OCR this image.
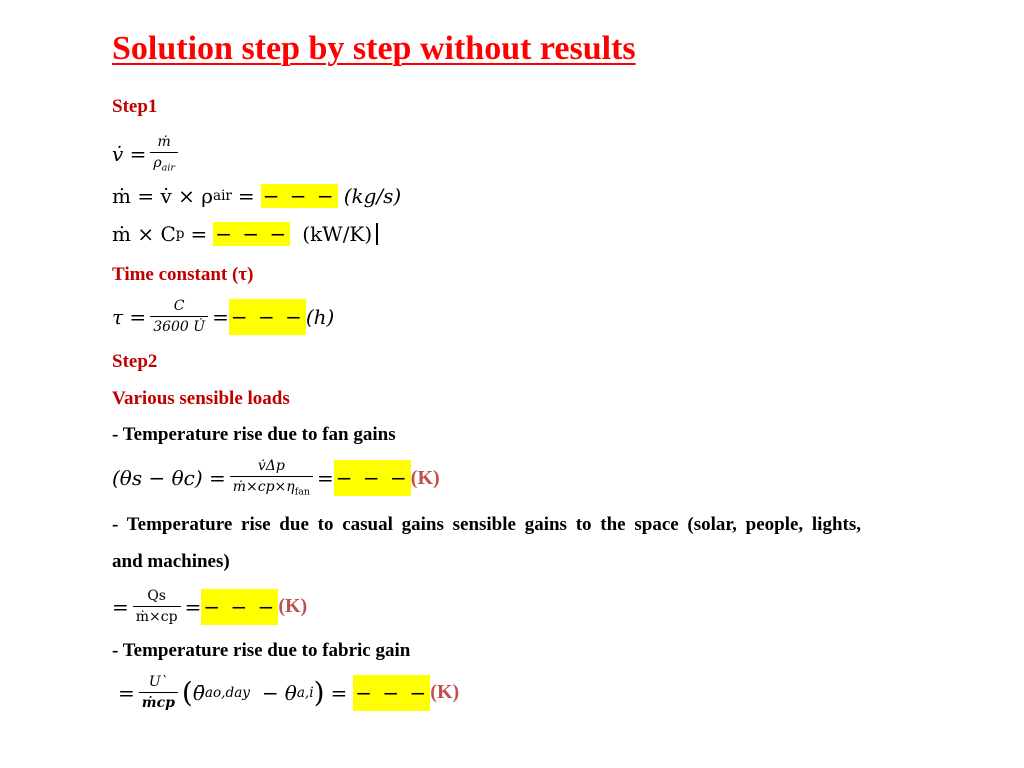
Solution step by step without results
Step1
v̇ = $\frac{\text{ṁ}}{\rho_{air}}$
ṁ = v̇ × ρ air = − − − (kg/s)
ṁ × C p = − − − (kW/K)
Time constant (τ)
$\tau = \frac{C}{3600 U̇}$ = − − − (h)
Step2
Various sensible loads
- Temperature rise due to fan gains
$(\theta s - \theta c) = \frac{v̇\Delta p}{ṁ\times cp\times\eta_{fan}}$ = − − − (K)
- Temperature rise due to casual gains sensible gains to the space (solar, people, lights,
and machines)
= $\frac{Qs}{\text{ṁ×cp}}$ = − − − (K)
- Temperature rise due to fabric gain
= $\frac{U`}{\text{ṁcp}}$ ( θ̄ ao,day − θ a,i ) = − − − (K)
